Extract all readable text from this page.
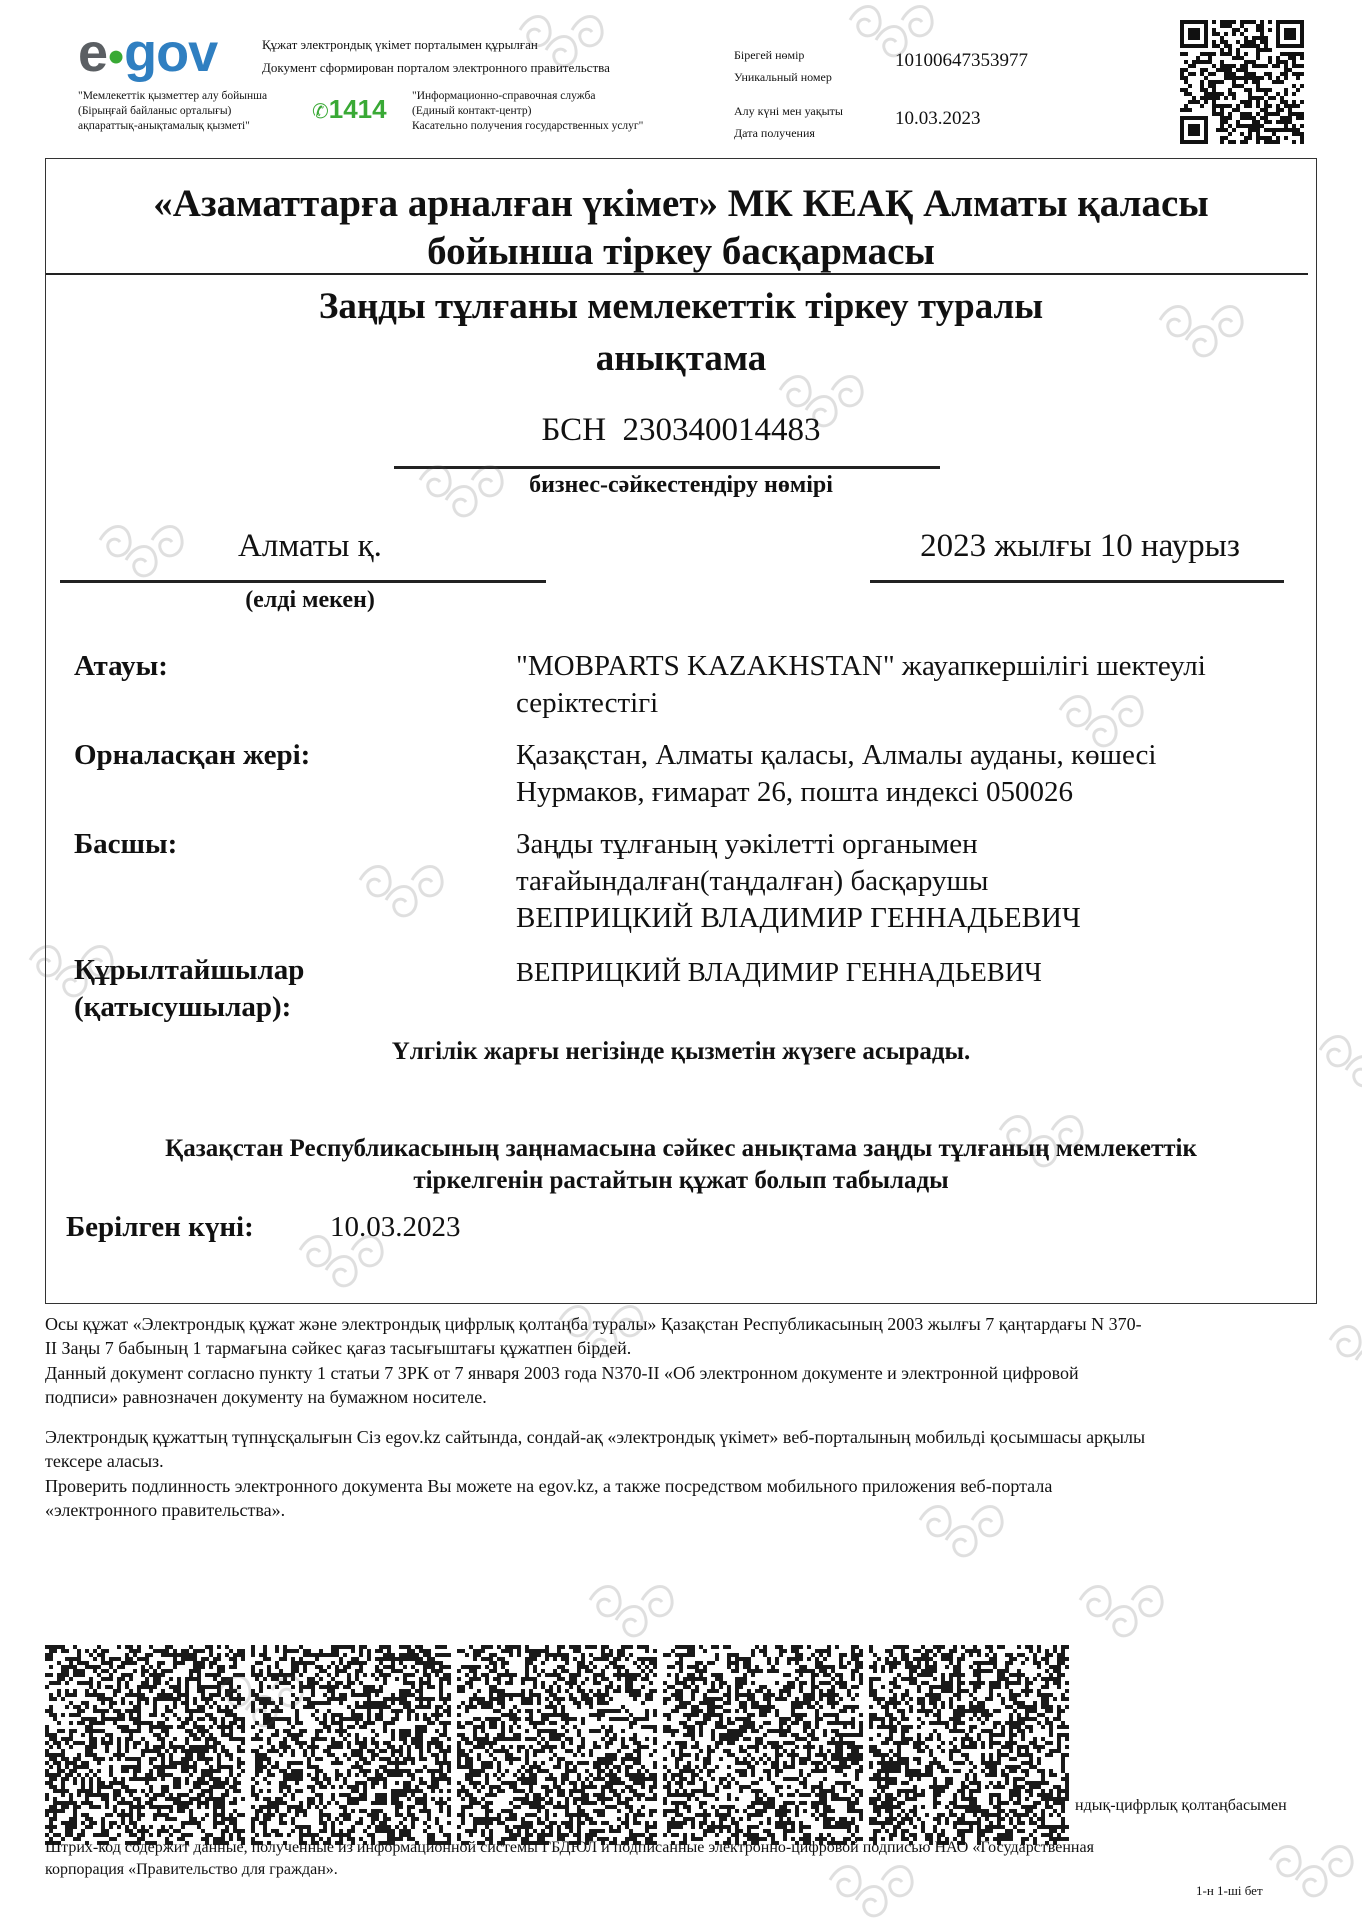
e●gov	Құжат электрондық үкімет порталымен құрылған
Документ сформирован порталом электронного правительства
"Мемлекеттік қызметтер алу бойынша
(Бірыңғай байланыс орталығы)
ақпараттық-анықтамалық қызметі"
✆1414 "Информационно-справочная служба
(Единый контакт-центр)
Касательно получения государственных услуг"
Бірегей нөмір
Уникальный номер
10100647353977
Алу күні мен уақыты
Дата получения
10.03.2023
«Азаматтарға арналған үкімет» МК КЕАҚ Алматы қаласы
бойынша тіркеу басқармасы
Заңды тұлғаны мемлекеттік тіркеу туралы
анықтама
БСН 230340014483
бизнес-сәйкестендіру нөмірі
Алматы қ.
(елді мекен)
2023 жылғы 10 наурыз
Атауы:	"MOBPARTS KAZAKHSTAN" жауапкершілігі шектеулі
серіктестігі
Орналасқан жері:	Қазақстан, Алматы қаласы, Алмалы ауданы, көшесі
Нурмаков, ғимарат 26, пошта индексі 050026
Басшы:	Заңды тұлғаның уәкілетті органымен
тағайындалған(таңдалған) басқарушы
ВЕПРИЦКИЙ ВЛАДИМИР ГЕННАДЬЕВИЧ
Құрылтайшылар
(қатысушылар):
ВЕПРИЦКИЙ ВЛАДИМИР ГЕННАДЬЕВИЧ
Үлгілік жарғы негізінде қызметін жүзеге асырады.
Қазақстан Республикасының заңнамасына сәйкес анықтама заңды тұлғаның мемлекеттік
тіркелгенін растайтын құжат болып табылады
Берілген күні:	10.03.2023
Осы құжат «Электрондық құжат және электрондық цифрлық қолтаңба туралы» Қазақстан Республикасының 2003 жылғы 7 қаңтардағы N 370-
II Заңы 7 бабының 1 тармағына сәйкес қағаз тасығыштағы құжатпен бірдей.
Данный документ согласно пункту 1 статьи 7 ЗРК от 7 января 2003 года N370-II «Об электронном документе и электронной цифровой
подписи» равнозначен документу на бумажном носителе.
Электрондық құжаттың түпнұсқалығын Сіз egov.kz сайтында, сондай-ақ «электрондық үкімет» веб-порталының мобильді қосымшасы арқылы
тексере аласыз.
Проверить подлинность электронного документа Вы можете на egov.kz, а также посредством мобильного приложения веб-портала
«электронного правительства».
ндық-цифрлық қолтаңбасымен
Штрих-код содержит данные, полученные из информационной системы ГБДЮЛ и подписанные электронно-цифровой подписью НАО «Государственная
корпорация «Правительство для граждан».
1-н 1-ші бет
